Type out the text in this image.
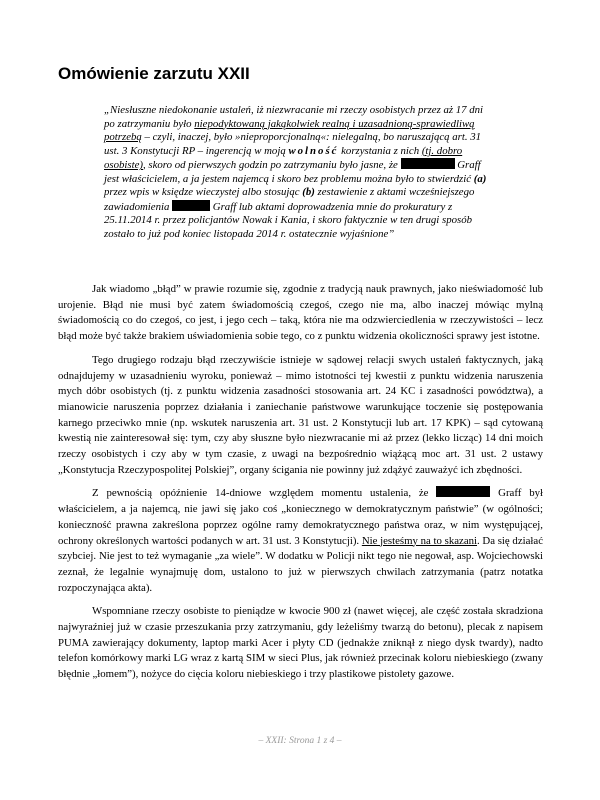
Omówienie zarzutu XXII

„Niesłuszne niedokonanie ustaleń, iż niezwracanie mi rzeczy osobistych przez aż 17 dni po zatrzymaniu było niepodyktowaną jakąkolwiek realną i uzasadnioną-sprawiedliwą potrzebą – czyli, inaczej, było »nieproporcjonalną«: nielegalną, bo naruszającą art. 31 ust. 3 Konstytucji RP – ingerencją w moją wolność korzystania z nich (tj. dobro osobiste), skoro od pierwszych godzin po zatrzymaniu było jasne, że	Graff jest właścicielem, a ja jestem najemcą i skoro bez problemu można było to stwierdzić (a) przez wpis w księdze wieczystej albo stosując (b) zestawienie z aktami wcześniejszego zawiadomienia	Graff lub aktami doprowadzenia mnie do prokuratury z 25.11.2014 r. przez policjantów Nowak i Kania, i skoro faktycznie w ten drugi sposób zostało to już pod koniec listopada 2014 r. ostatecznie wyjaśnione”

Jak wiadomo „błąd” w prawie rozumie się, zgodnie z tradycją nauk prawnych, jako nieświadomość lub urojenie. Błąd nie musi być zatem świadomością czegoś, czego nie ma, albo inaczej mówiąc mylną świadomością co do czegoś, co jest, i jego cech – taką, która nie ma odzwierciedlenia w rzeczywistości – lecz błąd może być także brakiem uświadomienia sobie tego, co z punktu widzenia okoliczności sprawy jest istotne.

Tego drugiego rodzaju błąd rzeczywiście istnieje w sądowej relacji swych ustaleń faktycznych, jaką odnajdujemy w uzasadnieniu wyroku, ponieważ – mimo istotności tej kwestii z punktu widzenia naruszenia mych dóbr osobistych (tj. z punktu widzenia zasadności stosowania art. 24 KC i zasadności powództwa), a mianowicie naruszenia poprzez działania i zaniechanie państwowe warunkujące toczenie się postępowania karnego przeciwko mnie (np. wskutek naruszenia art. 31 ust. 2 Konstytucji lub art. 17 KPK) – sąd cytowaną kwestią nie zainteresował się: tym, czy aby słuszne było niezwracanie mi aż przez (lekko licząc) 14 dni moich rzeczy osobistych i czy aby w tym czasie, z uwagi na bezpośrednio wiążącą moc art. 31 ust. 2 ustawy „Konstytucja Rzeczypospolitej Polskiej”, organy ścigania nie powinny już zdążyć zauważyć ich zbędności.

Z pewnością opóźnienie 14-dniowe względem momentu ustalenia, że	Graff był właścicielem, a ja najemcą, nie jawi się jako coś „koniecznego w demokratycznym państwie” (w ogólności; konieczność prawna zakreślona poprzez ogólne ramy demokratycznego państwa oraz, w nim występującej, ochrony określonych wartości podanych w art. 31 ust. 3 Konstytucji). Nie jesteśmy na to skazani. Da się działać szybciej. Nie jest to też wymaganie „za wiele”. W dodatku w Policji nikt tego nie negował, asp. Wojciechowski zeznał, że legalnie wynajmuję dom, ustalono to już w pierwszych chwilach zatrzymania (patrz notatka rozpoczynająca akta).

Wspomniane rzeczy osobiste to pieniądze w kwocie 900 zł (nawet więcej, ale część została skradziona najwyraźniej już w czasie przeszukania przy zatrzymaniu, gdy leżeliśmy twarzą do betonu), plecak z napisem PUMA zawierający dokumenty, laptop marki Acer i płyty CD (jednakże zniknął z niego dysk twardy), nadto telefon komórkowy marki LG wraz z kartą SIM w sieci Plus, jak również przecinak koloru niebieskiego (zwany błędnie „łomem”), nożyce do cięcia koloru niebieskiego i trzy plastikowe pistolety gazowe.

– XXII: Strona 1 z 4 –
